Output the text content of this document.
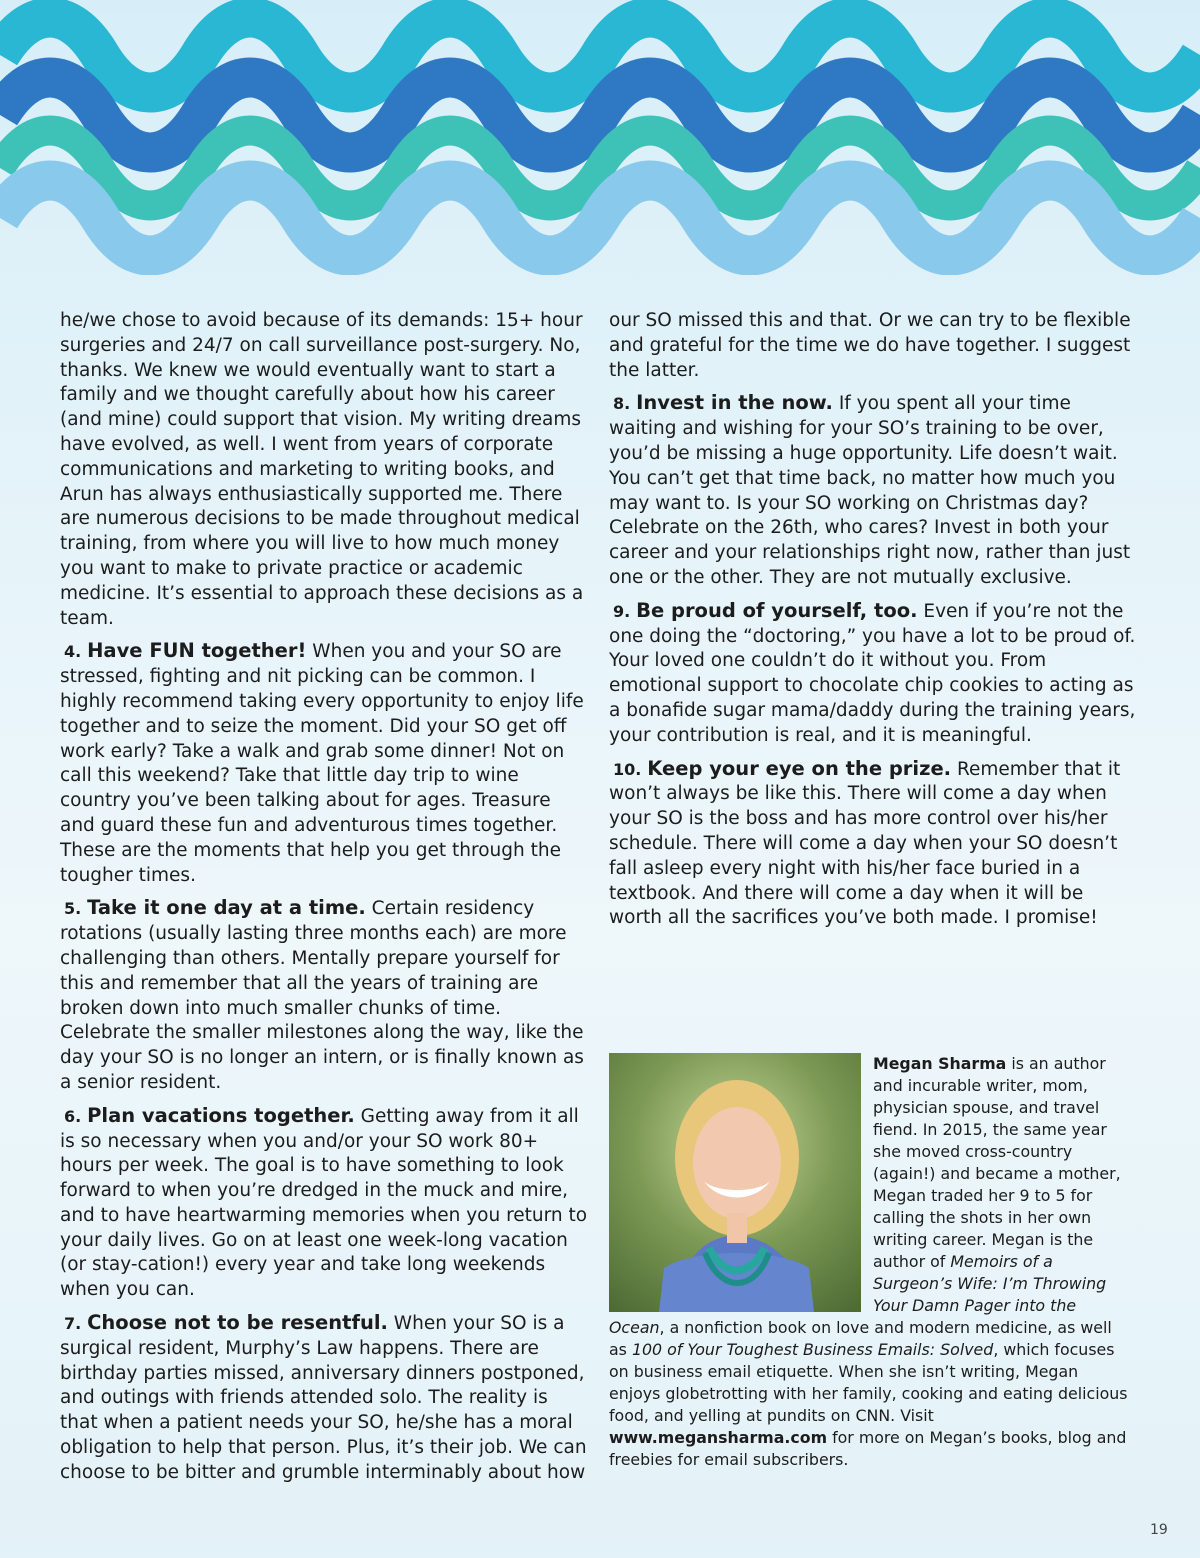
he/we chose to avoid because of its demands: 15+ hour surgeries and 24/7 on call surveillance post-surgery. No, thanks. We knew we would eventually want to start a family and we thought carefully about how his career (and mine) could support that vision. My writing dreams have evolved, as well. I went from years of corporate communications and marketing to writing books, and Arun has always enthusiastically supported me. There are numerous decisions to be made throughout medical training, from where you will live to how much money you want to make to private practice or academic medicine. It’s essential to approach these decisions as a team.

4. Have FUN together! When you and your SO are stressed, fighting and nit picking can be common. I highly recommend taking every opportunity to enjoy life together and to seize the moment. Did your SO get off work early? Take a walk and grab some dinner! Not on call this weekend? Take that little day trip to wine country you’ve been talking about for ages. Treasure and guard these fun and adventurous times together. These are the moments that help you get through the tougher times.

5. Take it one day at a time. Certain residency rotations (usually lasting three months each) are more challenging than others. Mentally prepare yourself for this and remember that all the years of training are broken down into much smaller chunks of time. Celebrate the smaller milestones along the way, like the day your SO is no longer an intern, or is finally known as a senior resident.

6. Plan vacations together. Getting away from it all is so necessary when you and/or your SO work 80+ hours per week. The goal is to have something to look forward to when you’re dredged in the muck and mire, and to have heartwarming memories when you return to your daily lives. Go on at least one week-long vacation (or stay-cation!) every year and take long weekends when you can.

7. Choose not to be resentful. When your SO is a surgical resident, Murphy’s Law happens. There are birthday parties missed, anniversary dinners postponed, and outings with friends attended solo. The reality is that when a patient needs your SO, he/she has a moral obligation to help that person. Plus, it’s their job. We can choose to be bitter and grumble interminably about how

our SO missed this and that. Or we can try to be flexible and grateful for the time we do have together. I suggest the latter.

8. Invest in the now. If you spent all your time waiting and wishing for your SO’s training to be over, you’d be missing a huge opportunity. Life doesn’t wait. You can’t get that time back, no matter how much you may want to. Is your SO working on Christmas day? Celebrate on the 26th, who cares? Invest in both your career and your relationships right now, rather than just one or the other. They are not mutually exclusive.

9. Be proud of yourself, too. Even if you’re not the one doing the “doctoring,” you have a lot to be proud of. Your loved one couldn’t do it without you. From emotional support to chocolate chip cookies to acting as a bonafide sugar mama/daddy during the training years, your contribution is real, and it is meaningful.

10. Keep your eye on the prize. Remember that it won’t always be like this. There will come a day when your SO is the boss and has more control over his/her schedule. There will come a day when your SO doesn’t fall asleep every night with his/her face buried in a textbook. And there will come a day when it will be worth all the sacrifices you’ve both made. I promise!

Megan Sharma is an author and incurable writer, mom, physician spouse, and travel fiend. In 2015, the same year she moved cross-country (again!) and became a mother, Megan traded her 9 to 5 for calling the shots in her own writing career. Megan is the author of Memoirs of a Surgeon’s Wife: I’m Throwing Your Damn Pager into the Ocean, a nonfiction book on love and modern medicine, as well as 100 of Your Toughest Business Emails: Solved, which focuses on business email etiquette. When she isn’t writing, Megan enjoys globetrotting with her family, cooking and eating delicious food, and yelling at pundits on CNN. Visit www.megansharma.com for more on Megan’s books, blog and freebies for email subscribers.
19
